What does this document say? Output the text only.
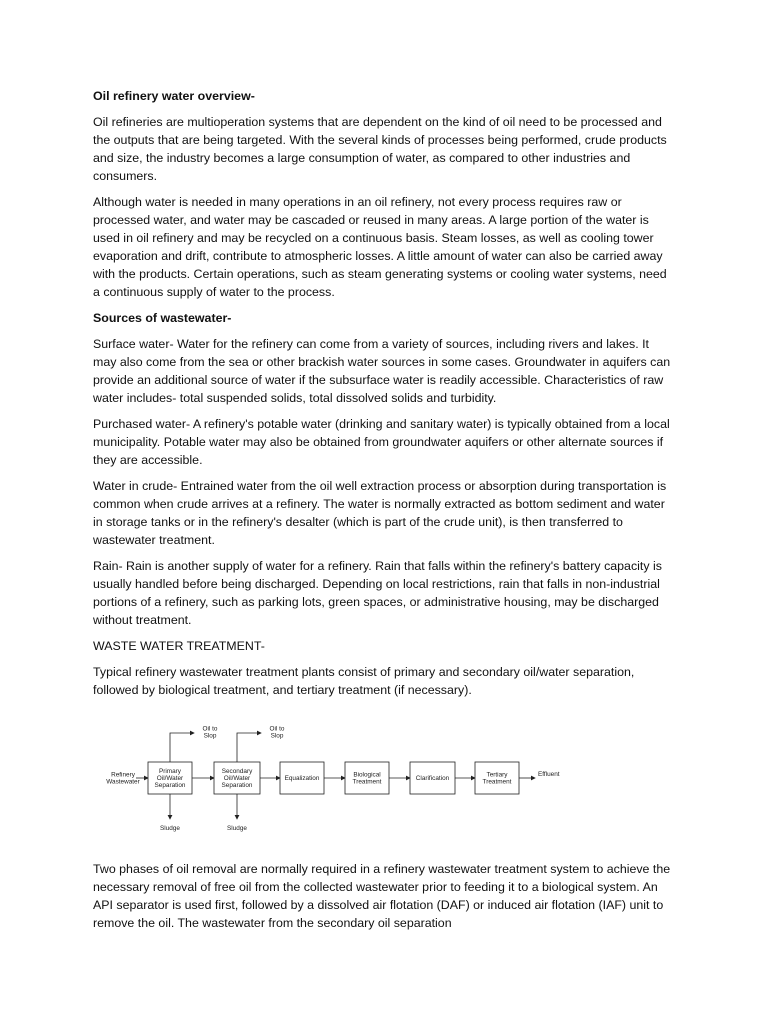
Oil refinery water overview-

Oil refineries are multioperation systems that are dependent on the kind of oil need to be processed and the outputs that are being targeted. With the several kinds of processes being performed, crude products and size, the industry becomes a large consumption of water, as compared to other industries and consumers.

Although water is needed in many operations in an oil refinery, not every process requires raw or processed water, and water may be cascaded or reused in many areas. A large portion of the water is used in oil refinery and may be recycled on a continuous basis. Steam losses, as well as cooling tower evaporation and drift, contribute to atmospheric losses. A little amount of water can also be carried away with the products. Certain operations, such as steam generating systems or cooling water systems, need a continuous supply of water to the process.

Sources of wastewater-

Surface water- Water for the refinery can come from a variety of sources, including rivers and lakes. It may also come from the sea or other brackish water sources in some cases. Groundwater in aquifers can provide an additional source of water if the subsurface water is readily accessible. Characteristics of raw water includes- total suspended solids, total dissolved solids and turbidity.

Purchased water- A refinery's potable water (drinking and sanitary water) is typically obtained from a local municipality. Potable water may also be obtained from groundwater aquifers or other alternate sources if they are accessible.

Water in crude- Entrained water from the oil well extraction process or absorption during transportation is common when crude arrives at a refinery. The water is normally extracted as bottom sediment and water in storage tanks or in the refinery's desalter (which is part of the crude unit), is then transferred to wastewater treatment.

Rain- Rain is another supply of water for a refinery. Rain that falls within the refinery's battery capacity is usually handled before being discharged. Depending on local restrictions, rain that falls in non-industrial portions of a refinery, such as parking lots, green spaces, or administrative housing, may be discharged without treatment.

WASTE WATER TREATMENT-

Typical refinery wastewater treatment plants consist of primary and secondary oil/water separation, followed by biological treatment, and tertiary treatment (if necessary).

Refinery
Wastewater
Primary
Oil/Water
Separation
Oil to
Slop
Sludge
Secondary
Oil/Water
Separation
Oil to
Slop
Sludge
Equalization	Biological
Treatment	Clarification	Tertiary
Treatment
Effluent

Two phases of oil removal are normally required in a refinery wastewater treatment system to achieve the necessary removal of free oil from the collected wastewater prior to feeding it to a biological system. An API separator is used first, followed by a dissolved air flotation (DAF) or induced air flotation (IAF) unit to remove the oil. The wastewater from the secondary oil separation
